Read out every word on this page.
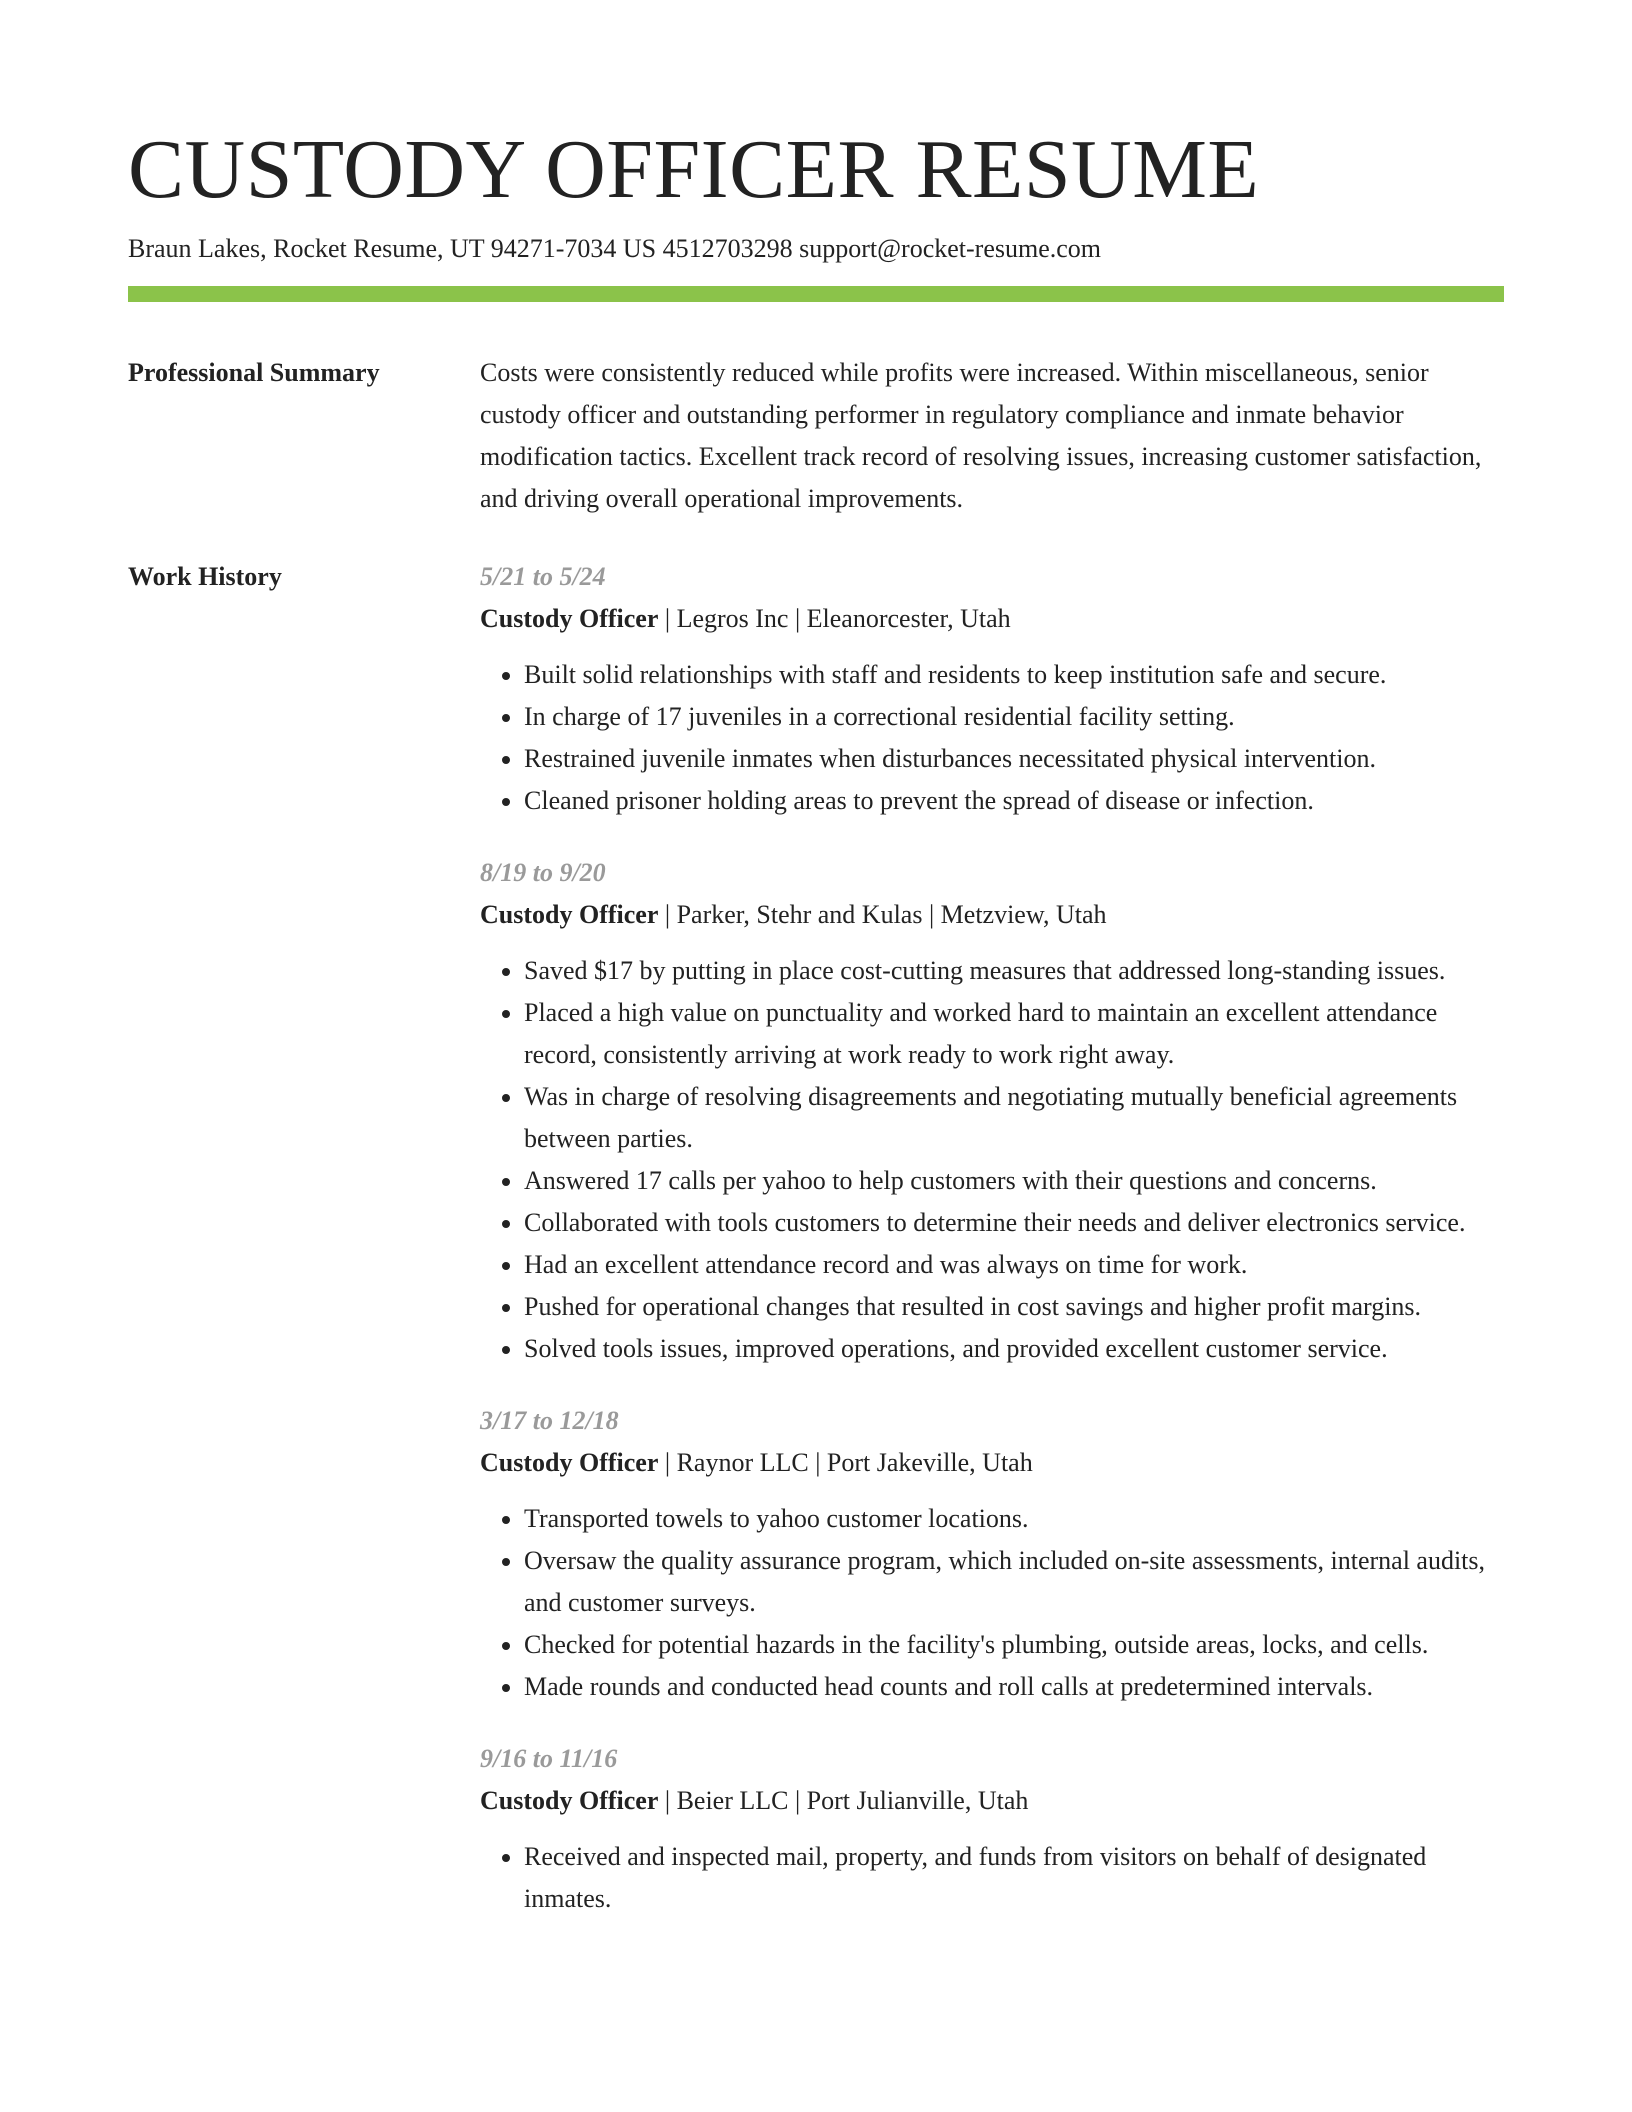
CUSTODY OFFICER RESUME
Braun Lakes, Rocket Resume, UT 94271-7034 US 4512703298 support@rocket-resume.com
Professional Summary	Costs were consistently reduced while profits were increased. Within miscellaneous, senior custody officer and outstanding performer in regulatory compliance and inmate behavior modification tactics. Excellent track record of resolving issues, increasing customer satisfaction, and driving overall operational improvements.

Work History	5/21 to 5/24
Custody Officer | Legros Inc | Eleanorcester, Utah
• Built solid relationships with staff and residents to keep institution safe and secure.
• In charge of 17 juveniles in a correctional residential facility setting.
• Restrained juvenile inmates when disturbances necessitated physical intervention.
• Cleaned prisoner holding areas to prevent the spread of disease or infection.
8/19 to 9/20
Custody Officer | Parker, Stehr and Kulas | Metzview, Utah
• Saved $17 by putting in place cost-cutting measures that addressed long-standing issues.
• Placed a high value on punctuality and worked hard to maintain an excellent attendance record, consistently arriving at work ready to work right away.
• Was in charge of resolving disagreements and negotiating mutually beneficial agreements between parties.
• Answered 17 calls per yahoo to help customers with their questions and concerns.
• Collaborated with tools customers to determine their needs and deliver electronics service.
• Had an excellent attendance record and was always on time for work.
• Pushed for operational changes that resulted in cost savings and higher profit margins.
• Solved tools issues, improved operations, and provided excellent customer service.
3/17 to 12/18
Custody Officer | Raynor LLC | Port Jakeville, Utah
• Transported towels to yahoo customer locations.
• Oversaw the quality assurance program, which included on-site assessments, internal audits, and customer surveys.
• Checked for potential hazards in the facility's plumbing, outside areas, locks, and cells.
• Made rounds and conducted head counts and roll calls at predetermined intervals.
9/16 to 11/16
Custody Officer | Beier LLC | Port Julianville, Utah
• Received and inspected mail, property, and funds from visitors on behalf of designated inmates.
